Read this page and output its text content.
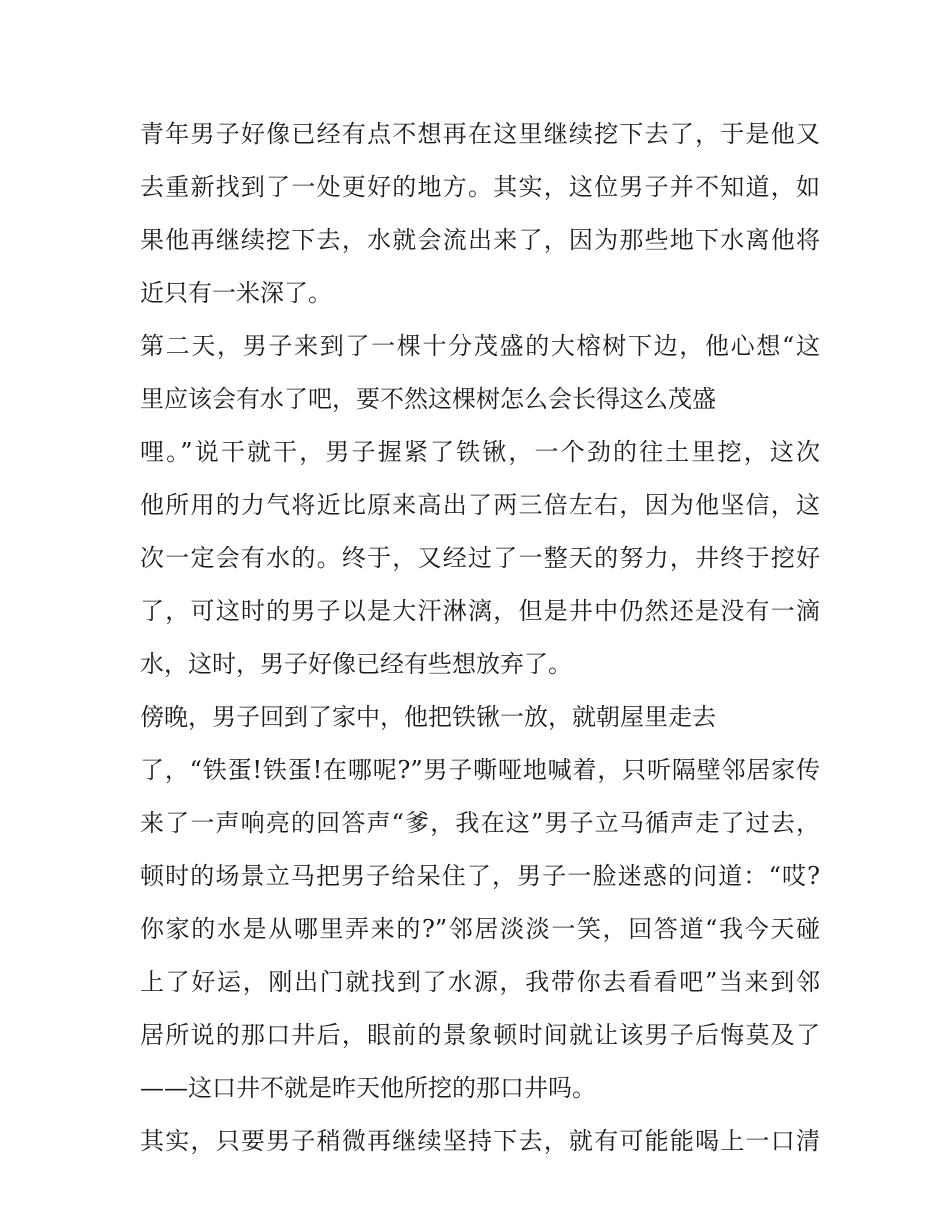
青年男子好像已经有点不想再在这里继续挖下去了，于是他又
去重新找到了一处更好的地方。其实，这位男子并不知道，如
果他再继续挖下去，水就会流出来了，因为那些地下水离他将
近只有一米深了。
第二天，男子来到了一棵十分茂盛的大榕树下边，他心想“这
里应该会有水了吧，要不然这棵树怎么会长得这么茂盛
哩。”说干就干，男子握紧了铁锹，一个劲的往土里挖，这次
他所用的力气将近比原来高出了两三倍左右，因为他坚信，这
次一定会有水的。终于，又经过了一整天的努力，井终于挖好
了，可这时的男子以是大汗淋漓，但是井中仍然还是没有一滴
水，这时，男子好像已经有些想放弃了。
傍晚，男子回到了家中，他把铁锹一放，就朝屋里走去
了，“铁蛋!铁蛋!在哪呢?”男子嘶哑地喊着，只听隔壁邻居家传
来了一声响亮的回答声“爹，我在这”男子立马循声走了过去，
顿时的场景立马把男子给呆住了，男子一脸迷惑的问道：“哎?
你家的水是从哪里弄来的?”邻居淡淡一笑，回答道“我今天碰
上了好运，刚出门就找到了水源，我带你去看看吧”当来到邻
居所说的那口井后，眼前的景象顿时间就让该男子后悔莫及了
——这口井不就是昨天他所挖的那口井吗。
其实，只要男子稍微再继续坚持下去，就有可能能喝上一口清
